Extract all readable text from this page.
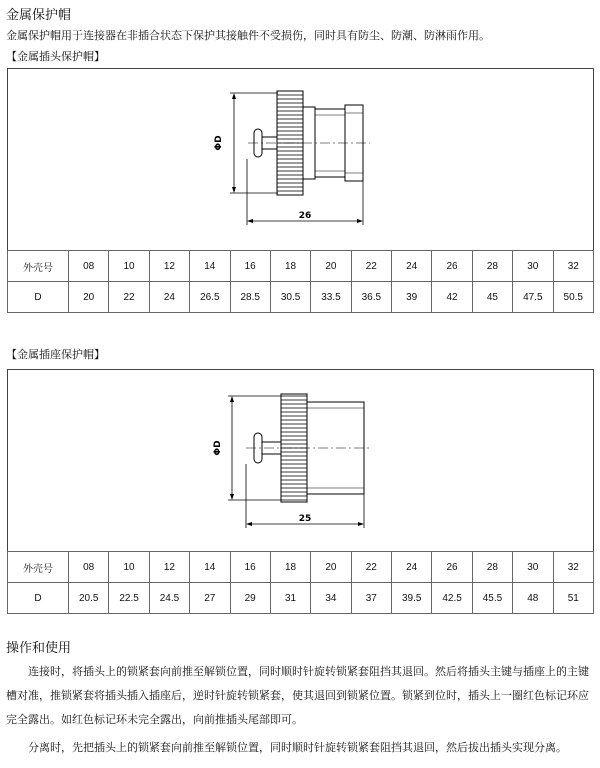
金属保护帽
金属保护帽用于连接器在非插合状态下保护其接触件不受损伤，同时具有防尘、防潮、防淋雨作用。
【金属插头保护帽】
ΦD
26
外壳号	08	10	12	14	16	18	20	22	24	26	28	30	32
D	20	22	24	26.5	28.5	30.5	33.5	36.5	39	42	45	47.5	50.5
【金属插座保护帽】
ΦD
25
外壳号	08	10	12	14	16	18	20	22	24	26	28	30	32
D	20.5	22.5	24.5	27	29	31	34	37	39.5	42.5	45.5	48	51
操作和使用

连接时，将插头上的锁紧套向前推至解锁位置，同时顺时针旋转锁紧套阻挡其退回。然后将插头主键与插座上的主键槽对准，推锁紧套将插头插入插座后，逆时针旋转锁紧套，使其退回到锁紧位置。锁紧到位时，插头上一圈红色标记环应完全露出。如红色标记环未完全露出，向前推插头尾部即可。

分离时，先把插头上的锁紧套向前推至解锁位置，同时顺时针旋转锁紧套阻挡其退回，然后拔出插头实现分离。
